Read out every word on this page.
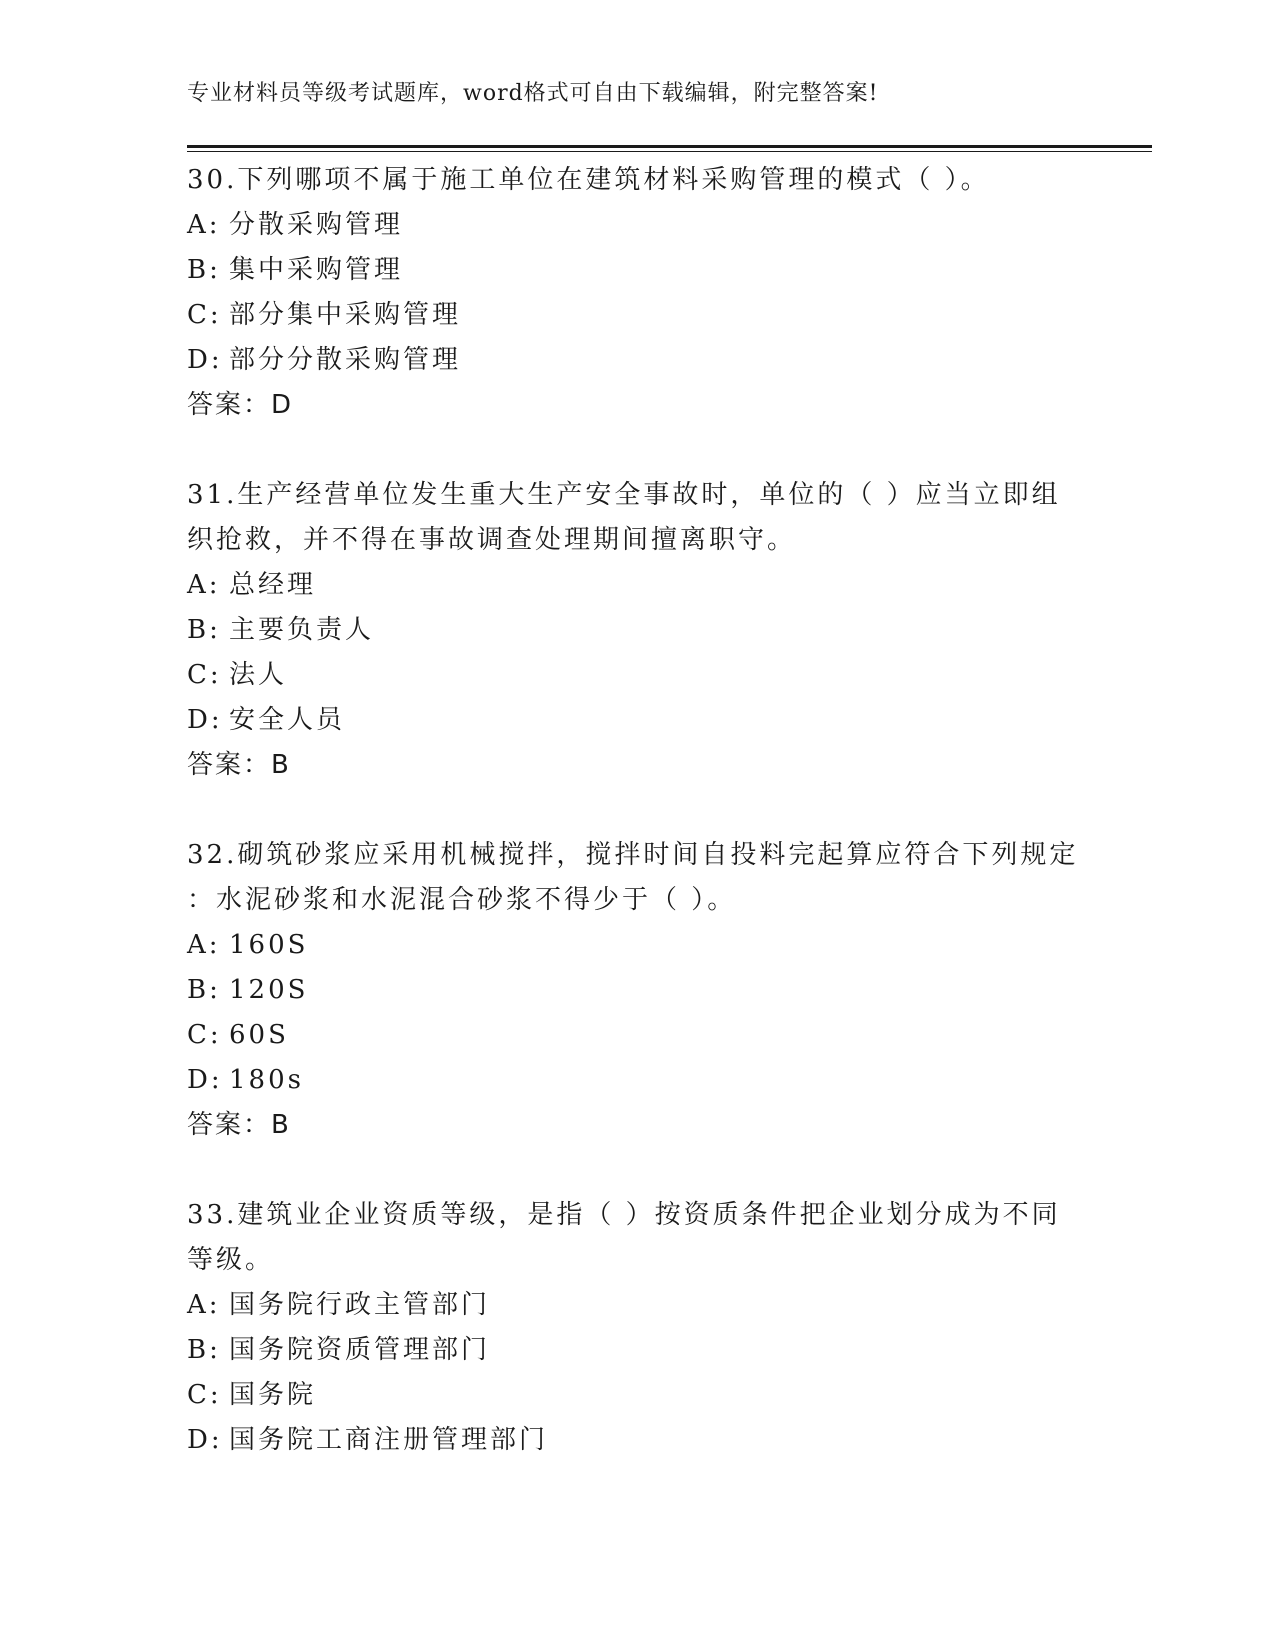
专业材料员等级考试题库，word格式可自由下载编辑，附完整答案!

30.下列哪项不属于施工单位在建筑材料采购管理的模式（ ）。

A: 分散采购管理
B: 集中采购管理
C: 部分集中采购管理
D: 部分分散采购管理
答案：D

31.生产经营单位发生重大生产安全事故时，单位的（ ）应当立即组
织抢救，并不得在事故调查处理期间擅离职守。

A: 总经理
B: 主要负责人
C: 法人
D: 安全人员
答案：B

32.砌筑砂浆应采用机械搅拌，搅拌时间自投料完起算应符合下列规定
：水泥砂浆和水泥混合砂浆不得少于（ ）。

A: 160S
B: 120S
C: 60S
D: 180s
答案：B

33.建筑业企业资质等级，是指（ ）按资质条件把企业划分成为不同
等级。

A: 国务院行政主管部门
B: 国务院资质管理部门
C: 国务院
D: 国务院工商注册管理部门
